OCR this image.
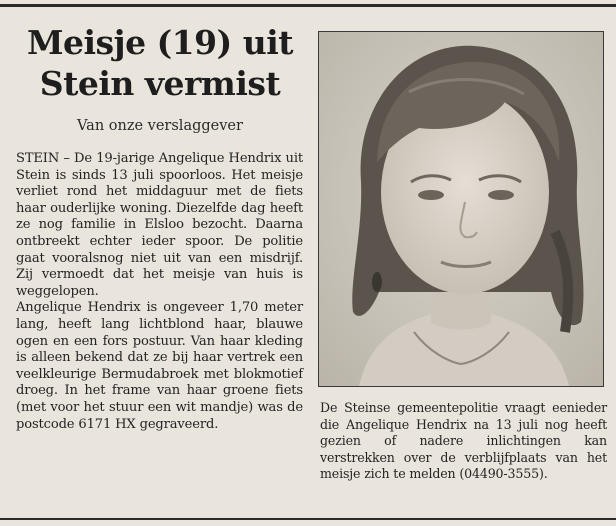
Meisje (19) uit
Stein vermist
Van onze verslaggever

STEIN – De 19-jarige Angelique Hendrix uit Stein is sinds 13 juli spoorloos. Het meisje verliet rond het middaguur met de fiets haar ouderlijke woning. Diezelfde dag heeft ze nog familie in Elsloo bezocht. Daarna ontbreekt echter ieder spoor. De politie gaat vooralsnog niet uit van een misdrijf. Zij vermoedt dat het meisje van huis is weggelopen.

Angelique Hendrix is ongeveer 1,70 meter lang, heeft lang lichtblond haar, blauwe ogen en een fors postuur. Van haar kleding is alleen bekend dat ze bij haar vertrek een veelkleurige Bermudabroek met blokmotief droeg. In het frame van haar groene fiets (met voor het stuur een wit mandje) was de postcode 6171 HX gegraveerd.

De Steinse gemeentepolitie vraagt eenieder die Angelique Hendrix na 13 juli nog heeft gezien of nadere inlichtingen kan verstrekken over de verblijfplaats van het meisje zich te melden (04490-3555).
